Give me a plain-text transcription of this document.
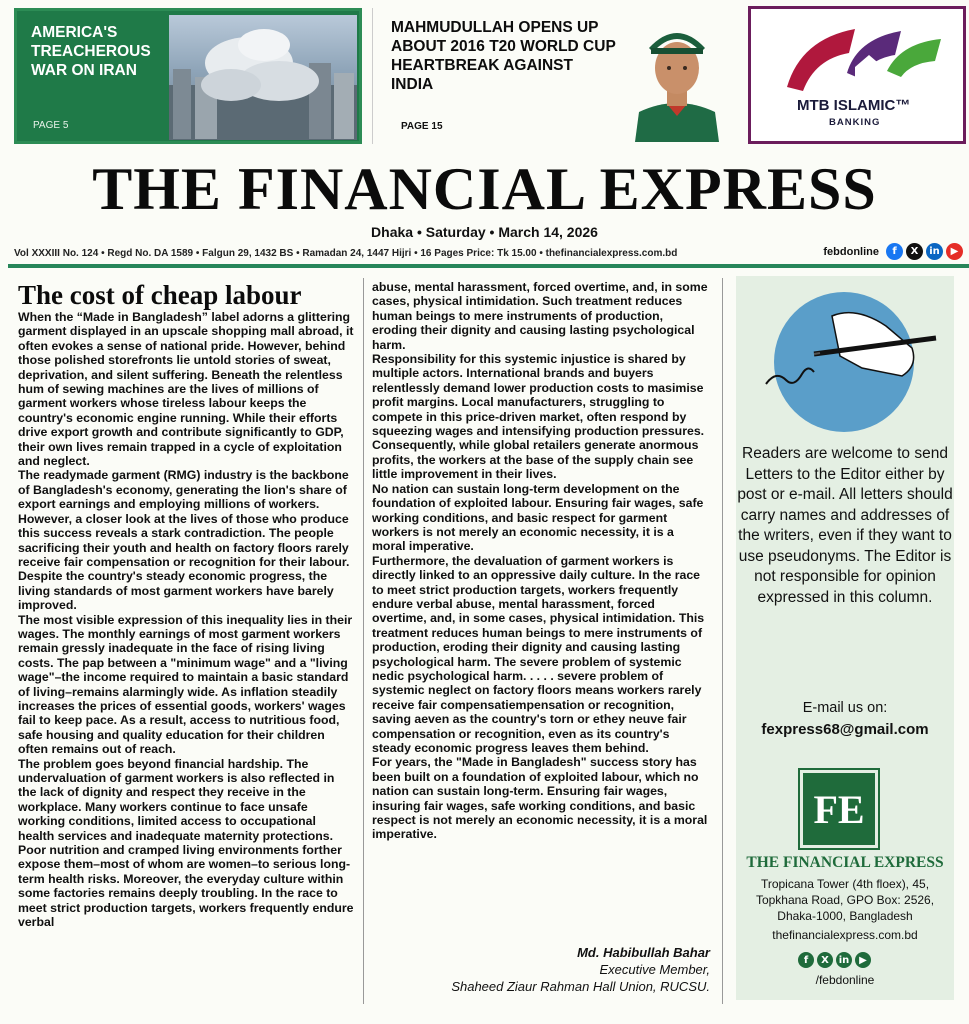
AMERICA'S TREACHEROUS WAR ON IRAN
PAGE 5
MAHMUDULLAH OPENS UP ABOUT 2016 T20 WORLD CUP HEARTBREAK AGAINST INDIA
PAGE 15
MTB ISLAMIC™
BANKING
THE FINANCIAL EXPRESS
Dhaka • Saturday • March 14, 2026
Vol XXXIII No. 124 • Regd No. DA 1589 • Falgun 29, 1432 BS • Ramadan 24, 1447 Hijri • 16 Pages Price: Tk 15.00 • thefinancialexpress.com.bd	febdonline	f	X	in	▶
The cost of cheap labour

When the “Made in Bangladesh” label adorns a glittering garment displayed in an upscale shopping mall abroad, it often evokes a sense of national pride. However, behind those polished storefronts lie untold stories of sweat, deprivation, and silent suffering. Beneath the relentless hum of sewing machines are the lives of millions of garment workers whose tireless labour keeps the country's economic engine running. While their efforts drive export growth and contribute significantly to GDP, their own lives remain trapped in a cycle of exploitation and neglect.

The readymade garment (RMG) industry is the backbone of Bangladesh's economy, generating the lion's share of export earnings and employing millions of workers. However, a closer look at the lives of those who produce this success reveals a stark contradiction. The people sacrificing their youth and health on factory floors rarely receive fair compensation or recognition for their labour. Despite the country's steady economic progress, the living standards of most garment workers have barely improved.

The most visible expression of this inequality lies in their wages. The monthly earnings of most garment workers remain gressly inadequate in the face of rising living costs. The pap between a "minimum wage" and a "living wage"–the income required to maintain a basic standard of living–remains alarmingly wide. As inflation steadily increases the prices of essential goods, workers' wages fail to keep pace. As a result, access to nutritious food, safe housing and quality education for their children often remains out of reach.

The problem goes beyond financial hardship. The undervaluation of garment workers is also reflected in the lack of dignity and respect they receive in the workplace. Many workers continue to face unsafe working conditions, limited access to occupational health services and inadequate maternity protections. Poor nutrition and cramped living environments forther expose them–most of whom are women–to serious long-term health risks. Moreover, the everyday culture within some factories remains deeply troubling. In the race to meet strict production targets, workers frequently endure verbal

abuse, mental harassment, forced overtime, and, in some cases, physical intimidation. Such treatment reduces human beings to mere instruments of production, eroding their dignity and causing lasting psychological harm.

Responsibility for this systemic injustice is shared by multiple actors. International brands and buyers relentlessly demand lower production costs to masimise profit margins. Local manufacturers, struggling to compete in this price-driven market, often respond by squeezing wages and intensifying production pressures. Consequently, while global retailers generate anormous profits, the workers at the base of the supply chain see little improvement in their lives.

No nation can sustain long-term development on the foundation of exploited labour. Ensuring fair wages, safe working conditions, and basic respect for garment workers is not merely an economic necessity, it is a moral imperative.

Furthermore, the devaluation of garment workers is directly linked to an oppressive daily culture. In the race to meet strict production targets, workers frequently endure verbal abuse, mental harassment, forced overtime, and, in some cases, physical intimidation. This treatment reduces human beings to mere instruments of production, eroding their dignity and causing lasting psychological harm. The severe problem of systemic nedic psychological harm. . . . . severe problem of systemic neglect on factory floors means workers rarely receive fair compensatiempensation or recognition, saving aeven as the country's torn or ethey neuve fair compensation or recognition, even as its country's steady economic progress leaves them behind.

For years, the "Made in Bangladesh" success story has been built on a foundation of exploited labour, which no nation can sustain long-term. Ensuring fair wages, insuring fair wages, safe working conditions, and basic respect is not merely an economic necessity, it is a moral imperative.

Md. Habibullah Bahar
Executive Member,
Shaheed Ziaur Rahman Hall Union, RUCSU.
Readers are welcome to send Letters to the Editor either by post or e-mail. All letters should carry names and addresses of the writers, even if they want to use pseudonyms. The Editor is not responsible for opinion expressed in this column.
E-mail us on:
fexpress68@gmail.com
FE
THE FINANCIAL EXPRESS
Tropicana Tower (4th floex), 45, Topkhana Road, GPO Box: 2526, Dhaka-1000, Bangladesh
thefinancialexpress.com.bd
f	X in ▶
/febdonline
